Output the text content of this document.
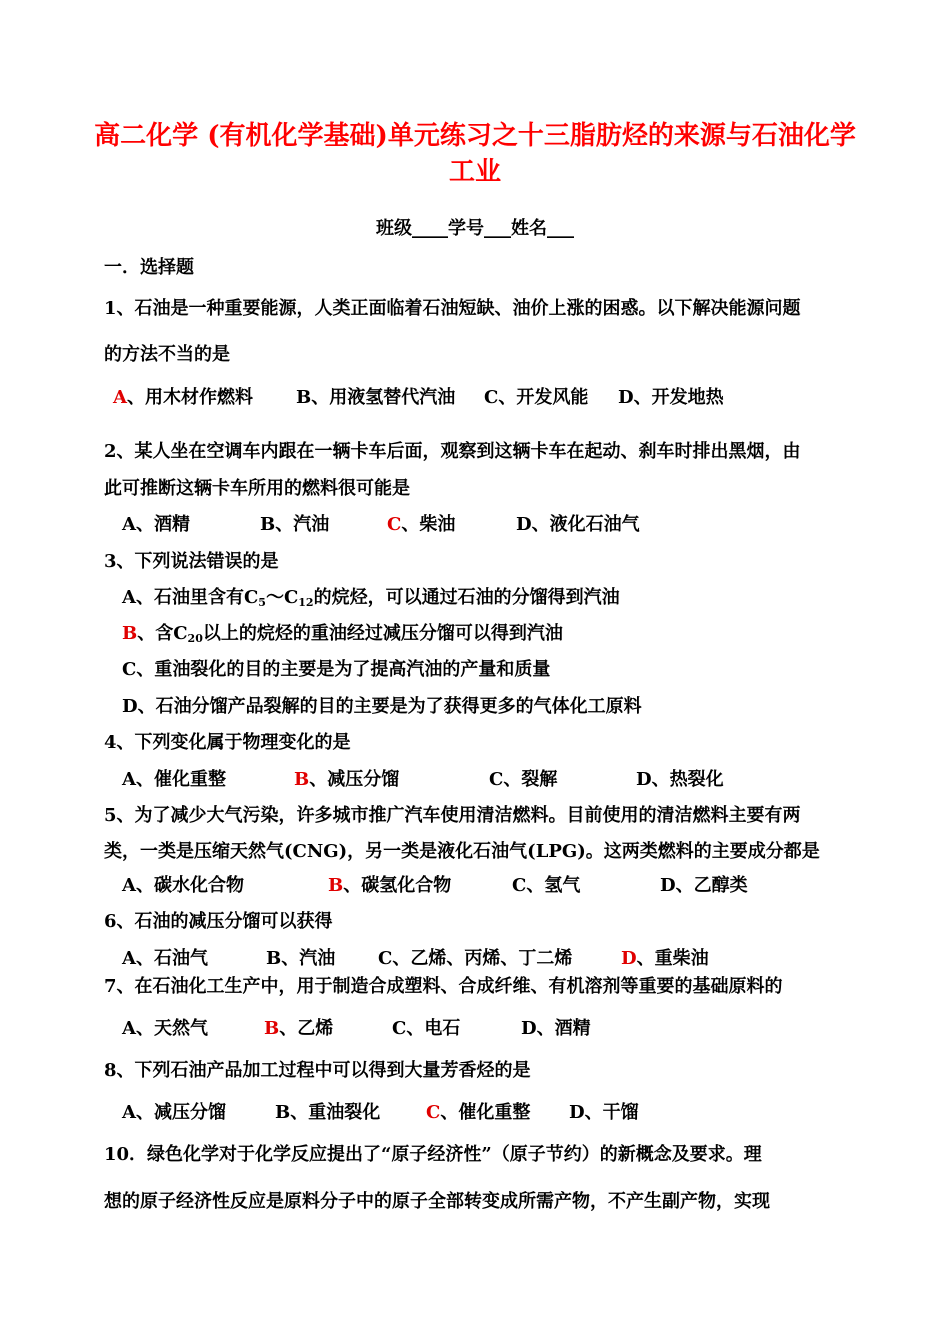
高二化学 (有机化学基础)单元练习之十三脂肪烃的来源与石油化学
工业
班级____学号___姓名___
一．选择题
1、石油是一种重要能源，人类正面临着石油短缺、油价上涨的困惑。以下解决能源问题
的方法不当的是
A、用木材作燃料 B、用液氢替代汽油 C、开发风能 D、开发地热
2、某人坐在空调车内跟在一辆卡车后面，观察到这辆卡车在起动、刹车时排出黑烟，由
此可推断这辆卡车所用的燃料很可能是
A、酒精	B、汽油	C、柴油	D、液化石油气
3、下列说法错误的是
A、石油里含有$C_5\sim C_{12}$的烷烃，可以通过石油的分馏得到汽油
B、含$C_{20}$以上的烷烃的重油经过减压分馏可以得到汽油
C、重油裂化的目的主要是为了提高汽油的产量和质量
D、石油分馏产品裂解的目的主要是为了获得更多的气体化工原料
4、下列变化属于物理变化的是
A、催化重整	B、减压分馏	C、裂解	D、热裂化
5、为了减少大气污染，许多城市推广汽车使用清洁燃料。目前使用的清洁燃料主要有两
类，一类是压缩天然气(CNG)，另一类是液化石油气(LPG)。这两类燃料的主要成分都是
A、碳水化合物	B、碳氢化合物	C、氢气	D、乙醇类
6、石油的减压分馏可以获得
A、石油气	B、汽油 C、乙烯、丙烯、丁二烯	D、重柴油
7、在石油化工生产中，用于制造合成塑料、合成纤维、有机溶剂等重要的基础原料的
A、天然气	B、乙烯	C、电石	D、酒精
8、下列石油产品加工过程中可以得到大量芳香烃的是
A、减压分馏	B、重油裂化	C、催化重整 D、干馏
10．绿色化学对于化学反应提出了“原子经济性”（原子节约）的新概念及要求。理
想的原子经济性反应是原料分子中的原子全部转变成所需产物，不产生副产物，实现
